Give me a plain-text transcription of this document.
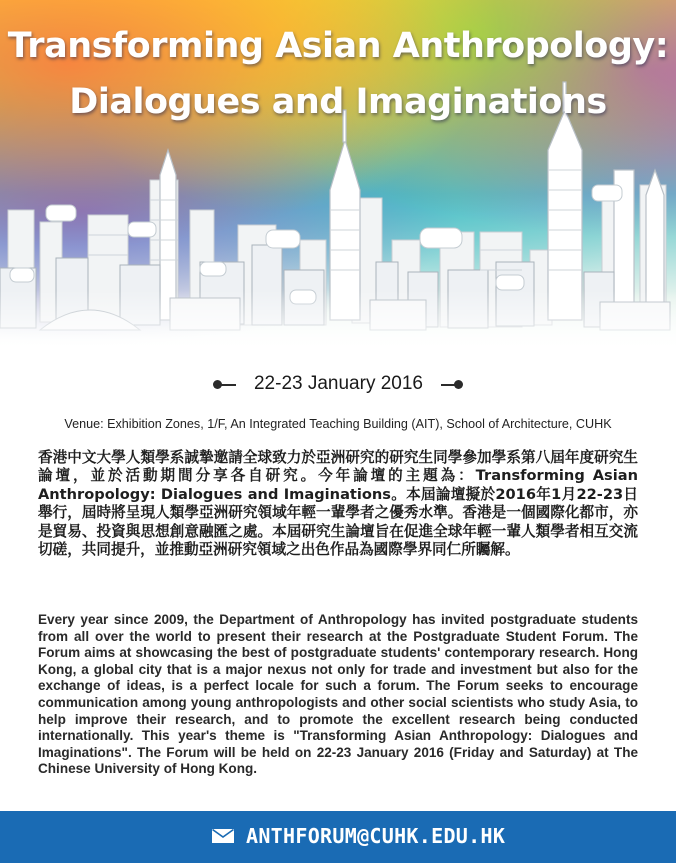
Transforming Asian Anthropology:
Dialogues and Imaginations
22-23 January 2016
Venue: Exhibition Zones, 1/F, An Integrated Teaching Building (AIT), School of Architecture, CUHK

香港中文大學人類學系誠摯邀請全球致力於亞洲研究的研究生同學參加學系第八屆年度研究生論壇，並於活動期間分享各自研究。今年論壇的主題為：Transforming Asian Anthropology: Dialogues and Imaginations。本屆論壇擬於2016年1月22-23日舉行，屆時將呈現人類學亞洲研究領域年輕一輩學者之優秀水準。香港是一個國際化都市，亦是貿易、投資與思想創意融匯之處。本屆研究生論壇旨在促進全球年輕一輩人類學者相互交流切磋，共同提升，並推動亞洲研究領域之出色作品為國際學界同仁所矚解。

Every year since 2009, the Department of Anthropology has invited postgraduate students from all over the world to present their research at the Postgraduate Student Forum. The Forum aims at showcasing the best of postgraduate students' contemporary research. Hong Kong, a global city that is a major nexus not only for trade and investment but also for the exchange of ideas, is a perfect locale for such a forum. The Forum seeks to encourage communication among young anthropologists and other social scientists who study Asia, to help improve their research, and to promote the excellent research being conducted internationally. This year's theme is "Transforming Asian Anthropology: Dialogues and Imaginations". The Forum will be held on 22-23 January 2016 (Friday and Saturday) at The Chinese University of Hong Kong.

ANTHFORUM@CUHK.EDU.HK
